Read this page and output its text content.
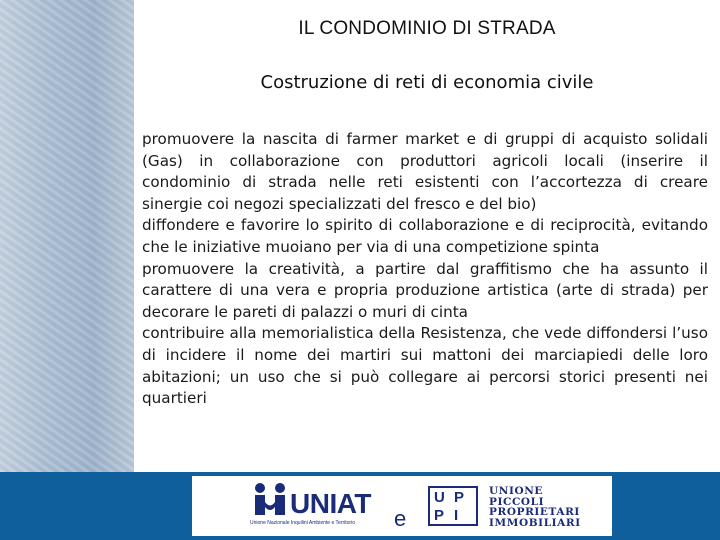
IL CONDOMINIO DI STRADA
Costruzione di reti di economia civile

promuovere la nascita di farmer market e di gruppi di acquisto solidali (Gas) in collaborazione con produttori agricoli locali (inserire il condominio di strada nelle reti esistenti con l’accortezza di creare sinergie coi negozi specializzati del fresco e del bio)

diffondere e favorire lo spirito di collaborazione e di reciprocità, evitando che le iniziative muoiano per via di una competizione spinta

promuovere la creatività, a partire dal graffitismo che ha assunto il carattere di una vera e propria produzione artistica (arte di strada) per decorare le pareti di palazzi o muri di cinta

contribuire alla memorialistica della Resistenza, che vede diffondersi l’uso di incidere il nome dei martiri sui mattoni dei marciapiedi delle loro abitazioni; un uso che si può collegare ai percorsi storici presenti nei quartieri

UNIAT
Unione Nazionale Inquilini Ambiente e Territorio e
U P
P I
UNIONE
PICCOLI
PROPRIETARI
IMMOBILIARI
